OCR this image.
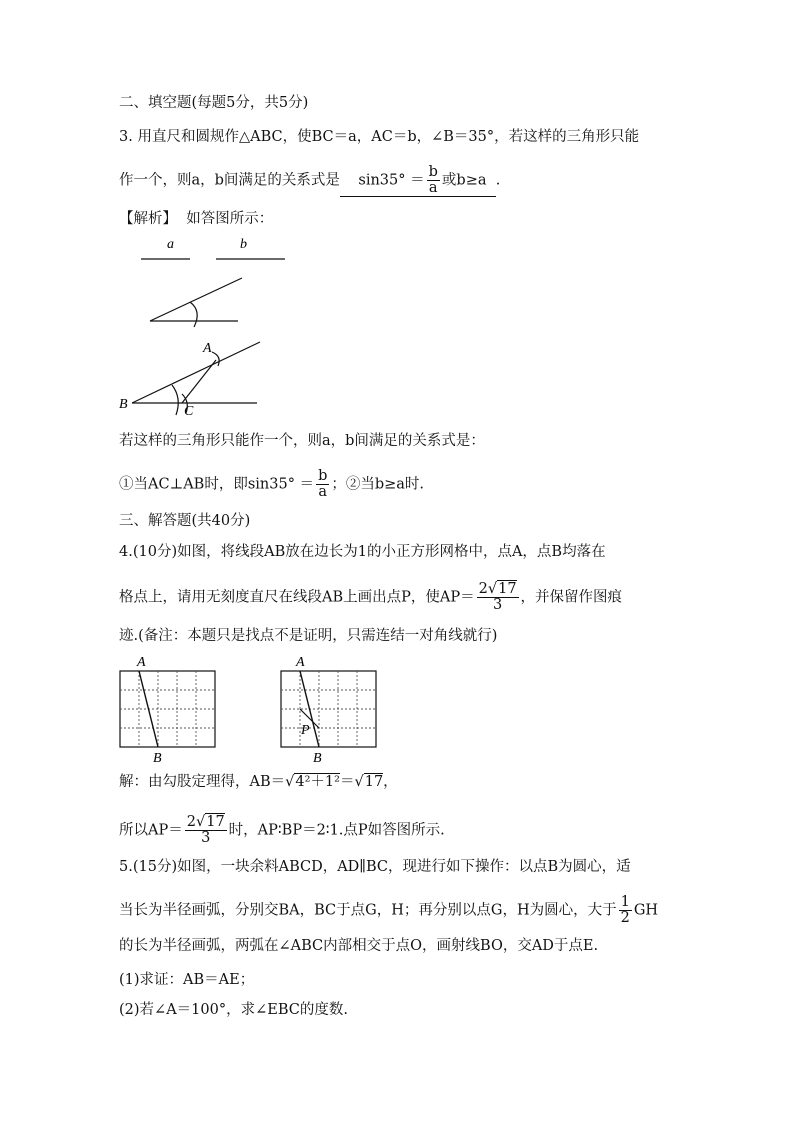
二、填空题(每题5分，共5分)
3. 用直尺和圆规作△ABC，使BC＝a，AC＝b，∠B＝35°，若这样的三角形只能
作一个，则a，b间满足的关系式是 $\sin 35^\circ = \frac{b}{a}$ 或b≥a .
【解析】 如答图所示：
a	b
A
B	C
若这样的三角形只能作一个，则a，b间满足的关系式是：
①当AC⊥AB时，即$\sin 35^\circ = \frac{b}{a}$ ；②当b≥a时.
三、解答题(共40分)
4.(10分)如图，将线段AB放在边长为1的小正方形网格中，点A，点B均落在
格点上，请用无刻度直尺在线段AB上画出点P，使$AP= \frac{2√17}{3}$ ，并保留作图痕
迹.(备注：本题只是找点不是证明，只需连结一对角线就行)
A
B
A
P
B
解：由勾股定理得，AB＝√4²＋1²＝√17，
所以$AP= \frac{2√17}{3}$ 时，AP∶BP＝2∶1.点P如答图所示.
5.(15分)如图，一块余料ABCD，AD∥BC，现进行如下操作：以点B为圆心，适
当长为半径画弧，分别交BA，BC于点G，H；再分别以点G，H为圆心，大于 $\frac{1}{2}$ GH
的长为半径画弧，两弧在∠ABC内部相交于点O，画射线BO，交AD于点E.
(1)求证：AB＝AE；
(2)若∠A＝100°，求∠EBC的度数.
